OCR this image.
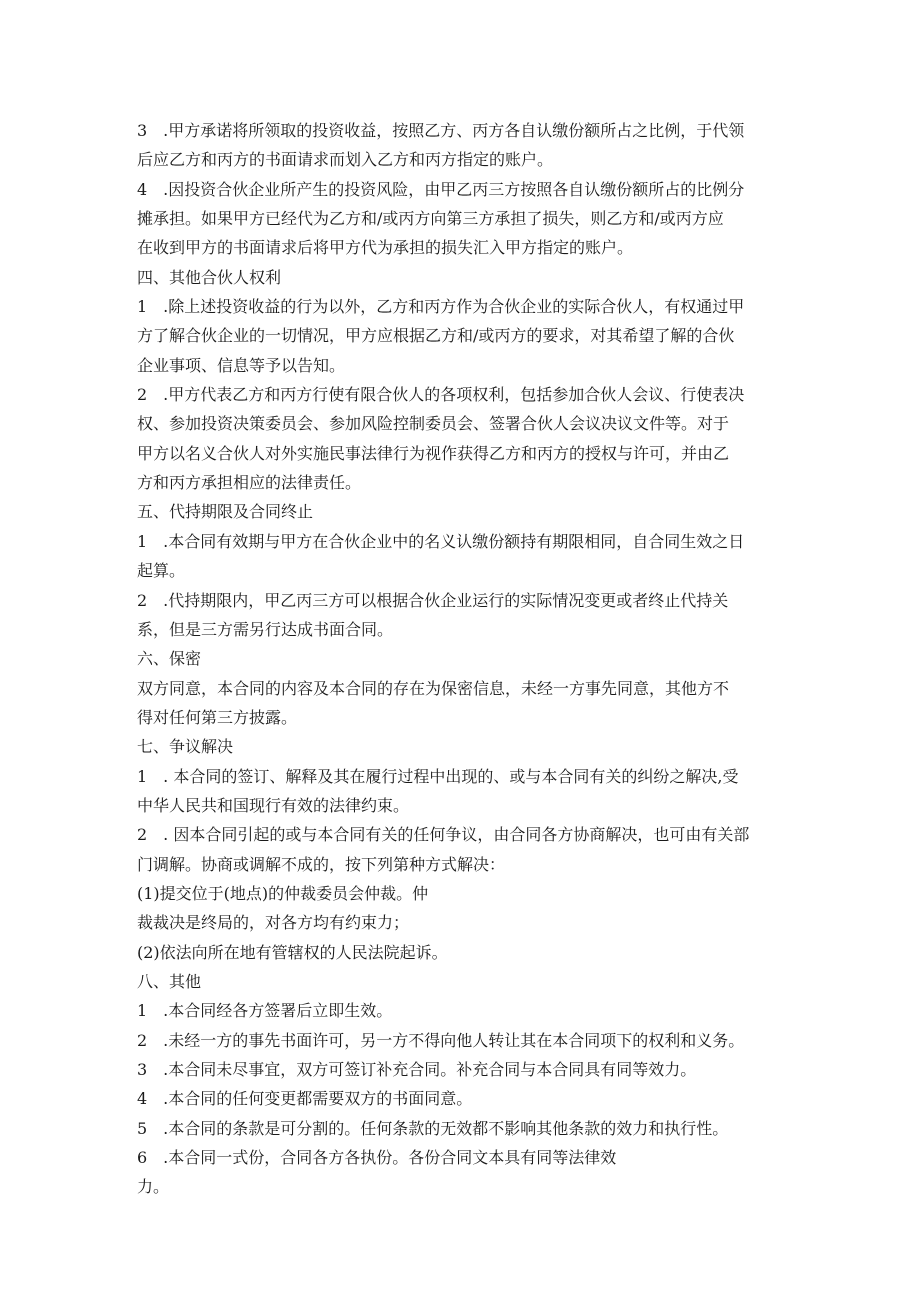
3　.甲方承诺将所领取的投资收益，按照乙方、丙方各自认缴份额所占之比例，于代领
后应乙方和丙方的书面请求而划入乙方和丙方指定的账户。
4　.因投资合伙企业所产生的投资风险，由甲乙丙三方按照各自认缴份额所占的比例分
摊承担。如果甲方已经代为乙方和/或丙方向第三方承担了损失，则乙方和/或丙方应
在收到甲方的书面请求后将甲方代为承担的损失汇入甲方指定的账户。
四、其他合伙人权利
1　.除上述投资收益的行为以外，乙方和丙方作为合伙企业的实际合伙人，有权通过甲
方了解合伙企业的一切情况，甲方应根据乙方和/或丙方的要求，对其希望了解的合伙
企业事项、信息等予以告知。
2　.甲方代表乙方和丙方行使有限合伙人的各项权利，包括参加合伙人会议、行使表决
权、参加投资决策委员会、参加风险控制委员会、签署合伙人会议决议文件等。对于
甲方以名义合伙人对外实施民事法律行为视作获得乙方和丙方的授权与许可，并由乙
方和丙方承担相应的法律责任。
五、代持期限及合同终止
1　.本合同有效期与甲方在合伙企业中的名义认缴份额持有期限相同，自合同生效之日
起算。
2　.代持期限内，甲乙丙三方可以根据合伙企业运行的实际情况变更或者终止代持关
系，但是三方需另行达成书面合同。
六、保密
双方同意，本合同的内容及本合同的存在为保密信息，未经一方事先同意，其他方不
得对任何第三方披露。
七、争议解决
1　. 本合同的签订、解释及其在履行过程中出现的、或与本合同有关的纠纷之解决,受
中华人民共和国现行有效的法律约束。
2　. 因本合同引起的或与本合同有关的任何争议，由合同各方协商解决，也可由有关部
门调解。协商或调解不成的，按下列第种方式解决：
(1)提交位于(地点)的仲裁委员会仲裁。仲
裁裁决是终局的，对各方均有约束力；
(2)依法向所在地有管辖权的人民法院起诉。
八、其他
1　.本合同经各方签署后立即生效。
2　.未经一方的事先书面许可，另一方不得向他人转让其在本合同项下的权利和义务。
3　.本合同未尽事宜，双方可签订补充合同。补充合同与本合同具有同等效力。
4　.本合同的任何变更都需要双方的书面同意。
5　.本合同的条款是可分割的。任何条款的无效都不影响其他条款的效力和执行性。
6　.本合同一式份，合同各方各执份。各份合同文本具有同等法律效
力。
